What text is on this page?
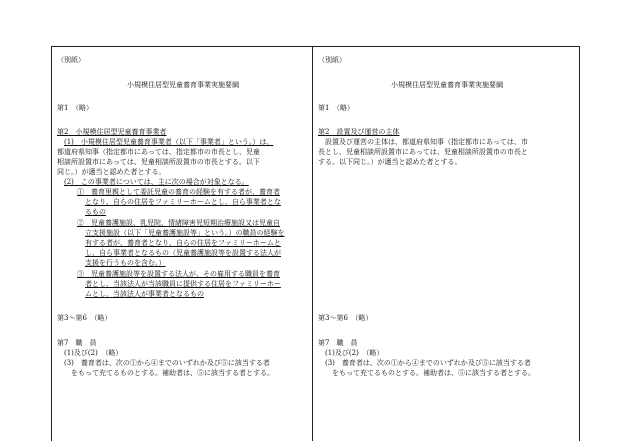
（別紙）
小規模住居型児童養育事業実施要綱
第1　（略）
第2　小規模住居型児童養育事業者
(1)　小規模住居型児童養育事業者（以下「事業者」という。）は、
都道府県知事（指定都市にあっては、指定都市の市長とし、児童
相談所設置市にあっては、児童相談所設置市の市長とする。以下
同じ。）が適当と認めた者とする。
(2)　この事業者については、主に次の場合が対象となる。
①　養育里親として委託児童の養育の経験を有する者が、養育者
となり、自らの住居をファミリーホームとし、自ら事業者とな
るもの
②　児童養護施設、乳児院、情緒障害児短期治療施設又は児童自
立支援施設（以下「児童養護施設等」という。）の職員の経験を
有する者が、養育者となり、自らの住居をファミリーホームと
し、自ら事業者となるもの（児童養護施設等を設置する法人が
支援を行うものを含む。）
③　児童養護施設等を設置する法人が、その雇用する職員を養育
者とし、当該法人が当該職員に提供する住居をファミリーホー
ムとし、当該法人が事業者となるもの
第3～第6　（略）
第7　職　員
(1)及び(2)　（略）
(3)　養育者は、次の①から④までのいずれか及び⑤に該当する者
をもって充てるものとする。補助者は、⑤に該当する者とする。
（別紙）
小規模住居型児童養育事業実施要綱
第1　（略）
第2　設置及び運営の主体
設置及び運営の主体は、都道府県知事（指定都市にあっては、市
長とし、児童相談所設置市にあっては、児童相談所設置市の市長と
する。以下同じ。）が適当と認めた者とする。
第3～第6　（略）
第7　職　員
(1)及び(2)　（略）
(3)　養育者は、次の①から④までのいずれか及び⑤に該当する者
をもって充てるものとする。補助者は、⑤に該当する者とする。
